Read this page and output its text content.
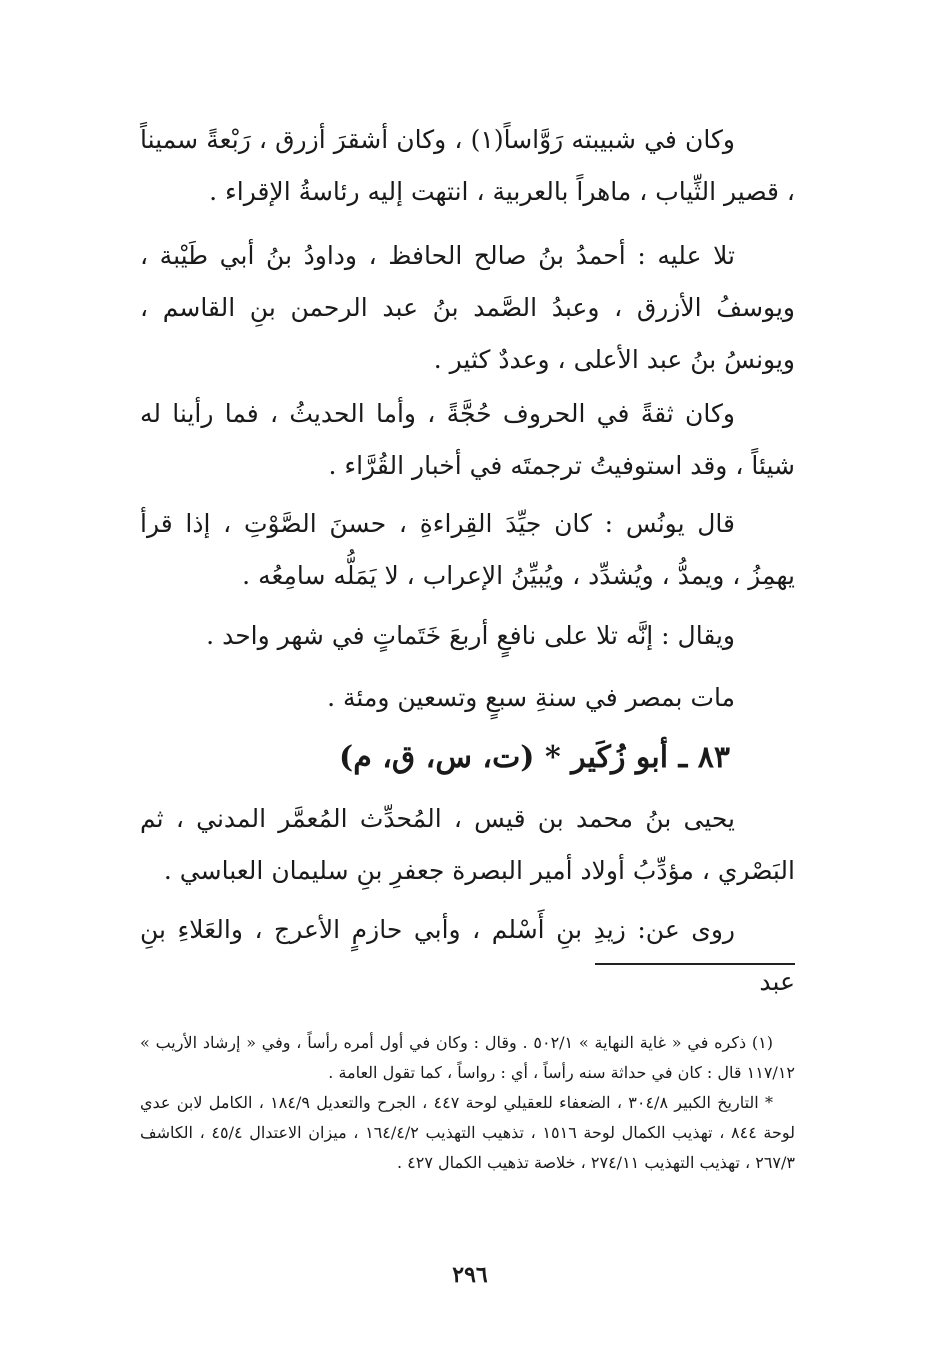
وكان في شبيبته رَوَّاساً(١) ، وكان أشقرَ أزرق ، رَبْعةً سميناً ، قصير الثِّياب ، ماهراً بالعربية ، انتهت إليه رئاسةُ الإقراء .

تلا عليه : أحمدُ بنُ صالح الحافظ ، وداودُ بنُ أبي طَيْبة ، ويوسفُ الأزرق ، وعبدُ الصَّمد بنُ عبد الرحمن بنِ القاسم ، ويونسُ بنُ عبد الأعلى ، وعددٌ كثير .

وكان ثقةً في الحروف حُجَّةً ، وأما الحديثُ ، فما رأينا له شيئاً ، وقد استوفيتُ ترجمتَه في أخبار القُرَّاء .

قال يونُس : كان جيِّدَ القِراءةِ ، حسنَ الصَّوْتِ ، إذا قرأ يهمِزُ ، ويمدُّ ، ويُشدِّد ، ويُبيِّنُ الإعراب ، لا يَمَلُّه سامِعُه .

ويقال : إنَّه تلا على نافعٍ أربعَ خَتَماتٍ في شهر واحد .

مات بمصر في سنةِ سبعٍ وتسعين ومئة .

٨٣ ـ أبو زُكَير * (ت، س، ق، م)

يحيى بنُ محمد بن قيس ، المُحدِّث المُعمَّر المدني ، ثم البَصْري ، مؤدِّبُ أولاد أمير البصرة جعفرِ بنِ سليمان العباسي .

روى عن: زيدِ بنِ أَسْلم ، وأبي حازمٍ الأعرج ، والعَلاءِ بنِ عبد

(١) ذكره في « غاية النهاية » ٥٠٢/١ . وقال : وكان في أول أمره رأساً ، وفي « إرشاد الأريب » ١١٧/١٢ قال : كان في حداثة سنه رأساً ، أي : رواساً ، كما تقول العامة .

* التاريخ الكبير ٣٠٤/٨ ، الضعفاء للعقيلي لوحة ٤٤٧ ، الجرح والتعديل ١٨٤/٩ ، الكامل لابن عدي لوحة ٨٤٤ ، تهذيب الكمال لوحة ١٥١٦ ، تذهيب التهذيب ١٦٤/٤/٢ ، ميزان الاعتدال ٤٥/٤ ، الكاشف ٢٦٧/٣ ، تهذيب التهذيب ٢٧٤/١١ ، خلاصة تذهيب الكمال ٤٢٧ .

٢٩٦
